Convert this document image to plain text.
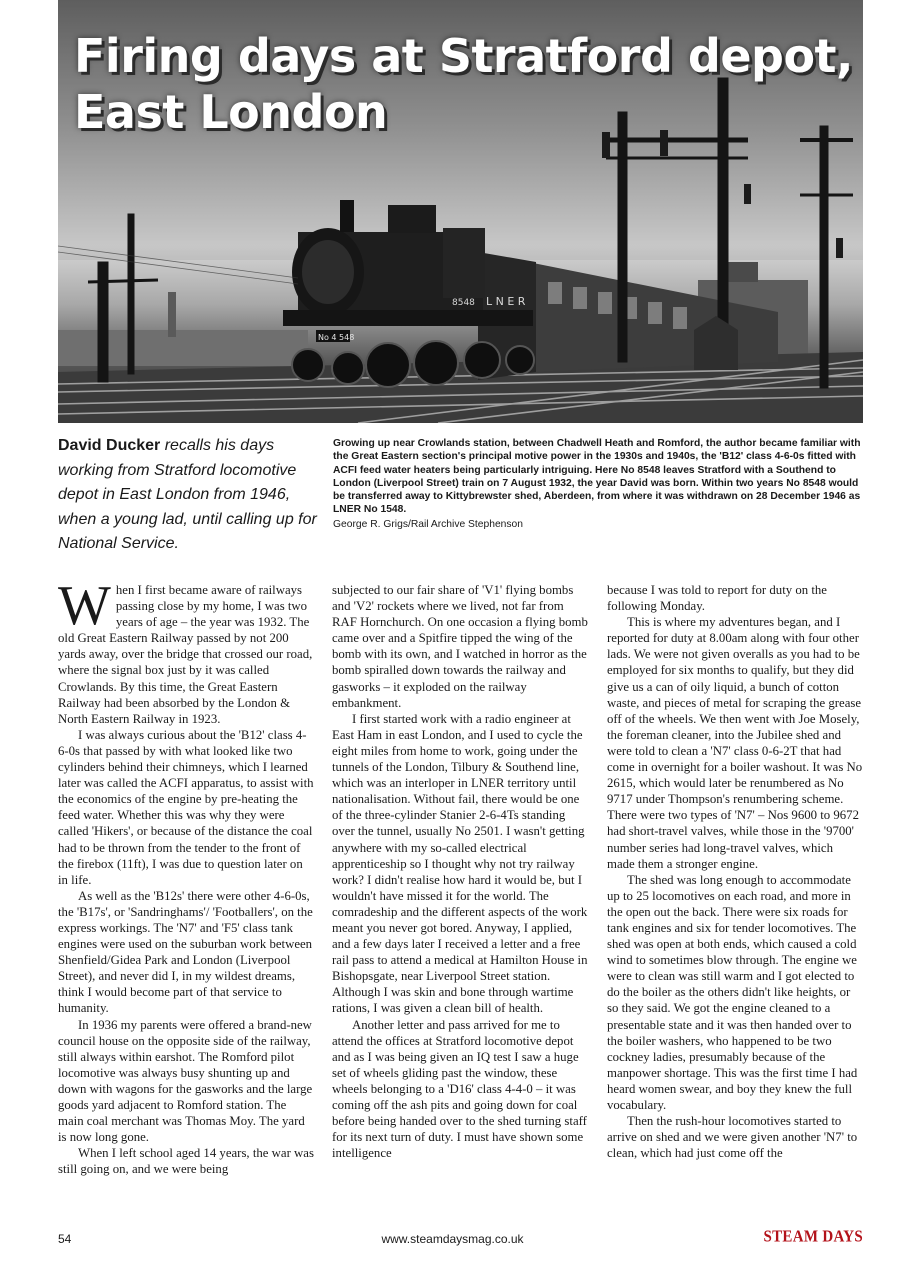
L N E R
8548
No 4 548
Firing days at Stratford depot, East London
David Ducker recalls his days working from Stratford locomotive depot in East London from 1946, when a young lad, until calling up for National Service.
Growing up near Crowlands station, between Chadwell Heath and Romford, the author became familiar with the Great Eastern section's principal motive power in the 1930s and 1940s, the 'B12' class 4-6-0s fitted with ACFI feed water heaters being particularly intriguing. Here No 8548 leaves Stratford with a Southend to London (Liverpool Street) train on 7 August 1932, the year David was born. Within two years No 8548 would be transferred away to Kittybrewster shed, Aberdeen, from where it was withdrawn on 28 December 1946 as LNER No 1548.
George R. Grigs/Rail Archive Stephenson

When I first became aware of railways passing close by my home, I was two years of age – the year was 1932. The old Great Eastern Railway passed by not 200 yards away, over the bridge that crossed our road, where the signal box just by it was called Crowlands. By this time, the Great Eastern Railway had been absorbed by the London & North Eastern Railway in 1923.

I was always curious about the 'B12' class 4-6-0s that passed by with what looked like two cylinders behind their chimneys, which I learned later was called the ACFI apparatus, to assist with the economics of the engine by pre-heating the feed water. Whether this was why they were called 'Hikers', or because of the distance the coal had to be thrown from the tender to the front of the firebox (11ft), I was due to question later on in life.

As well as the 'B12s' there were other 4-6-0s, the 'B17s', or 'Sandringhams'/ 'Footballers', on the express workings. The 'N7' and 'F5' class tank engines were used on the suburban work between Shenfield/Gidea Park and London (Liverpool Street), and never did I, in my wildest dreams, think I would become part of that service to humanity.

In 1936 my parents were offered a brand-new council house on the opposite side of the railway, still always within earshot. The Romford pilot locomotive was always busy shunting up and down with wagons for the gasworks and the large goods yard adjacent to Romford station. The main coal merchant was Thomas Moy. The yard is now long gone.

When I left school aged 14 years, the war was still going on, and we were being

subjected to our fair share of 'V1' flying bombs and 'V2' rockets where we lived, not far from RAF Hornchurch. On one occasion a flying bomb came over and a Spitfire tipped the wing of the bomb with its own, and I watched in horror as the bomb spiralled down towards the railway and gasworks – it exploded on the railway embankment.

I first started work with a radio engineer at East Ham in east London, and I used to cycle the eight miles from home to work, going under the tunnels of the London, Tilbury & Southend line, which was an interloper in LNER territory until nationalisation. Without fail, there would be one of the three-cylinder Stanier 2-6-4Ts standing over the tunnel, usually No 2501. I wasn't getting anywhere with my so-called electrical apprenticeship so I thought why not try railway work? I didn't realise how hard it would be, but I wouldn't have missed it for the world. The comradeship and the different aspects of the work meant you never got bored. Anyway, I applied, and a few days later I received a letter and a free rail pass to attend a medical at Hamilton House in Bishopsgate, near Liverpool Street station. Although I was skin and bone through wartime rations, I was given a clean bill of health.

Another letter and pass arrived for me to attend the offices at Stratford locomotive depot and as I was being given an IQ test I saw a huge set of wheels gliding past the window, these wheels belonging to a 'D16' class 4-4-0 – it was coming off the ash pits and going down for coal before being handed over to the shed turning staff for its next turn of duty. I must have shown some intelligence

because I was told to report for duty on the following Monday.

This is where my adventures began, and I reported for duty at 8.00am along with four other lads. We were not given overalls as you had to be employed for six months to qualify, but they did give us a can of oily liquid, a bunch of cotton waste, and pieces of metal for scraping the grease off of the wheels. We then went with Joe Mosely, the foreman cleaner, into the Jubilee shed and were told to clean a 'N7' class 0-6-2T that had come in overnight for a boiler washout. It was No 2615, which would later be renumbered as No 9717 under Thompson's renumbering scheme. There were two types of 'N7' – Nos 9600 to 9672 had short-travel valves, while those in the '9700' number series had long-travel valves, which made them a stronger engine.

The shed was long enough to accommodate up to 25 locomotives on each road, and more in the open out the back. There were six roads for tank engines and six for tender locomotives. The shed was open at both ends, which caused a cold wind to sometimes blow through. The engine we were to clean was still warm and I got elected to do the boiler as the others didn't like heights, or so they said. We got the engine cleaned to a presentable state and it was then handed over to the boiler washers, who happened to be two cockney ladies, presumably because of the manpower shortage. This was the first time I had heard women swear, and boy they knew the full vocabulary.

Then the rush-hour locomotives started to arrive on shed and we were given another 'N7' to clean, which had just come off the

54	www.steamdaysmag.co.uk	STEAM DAYS
